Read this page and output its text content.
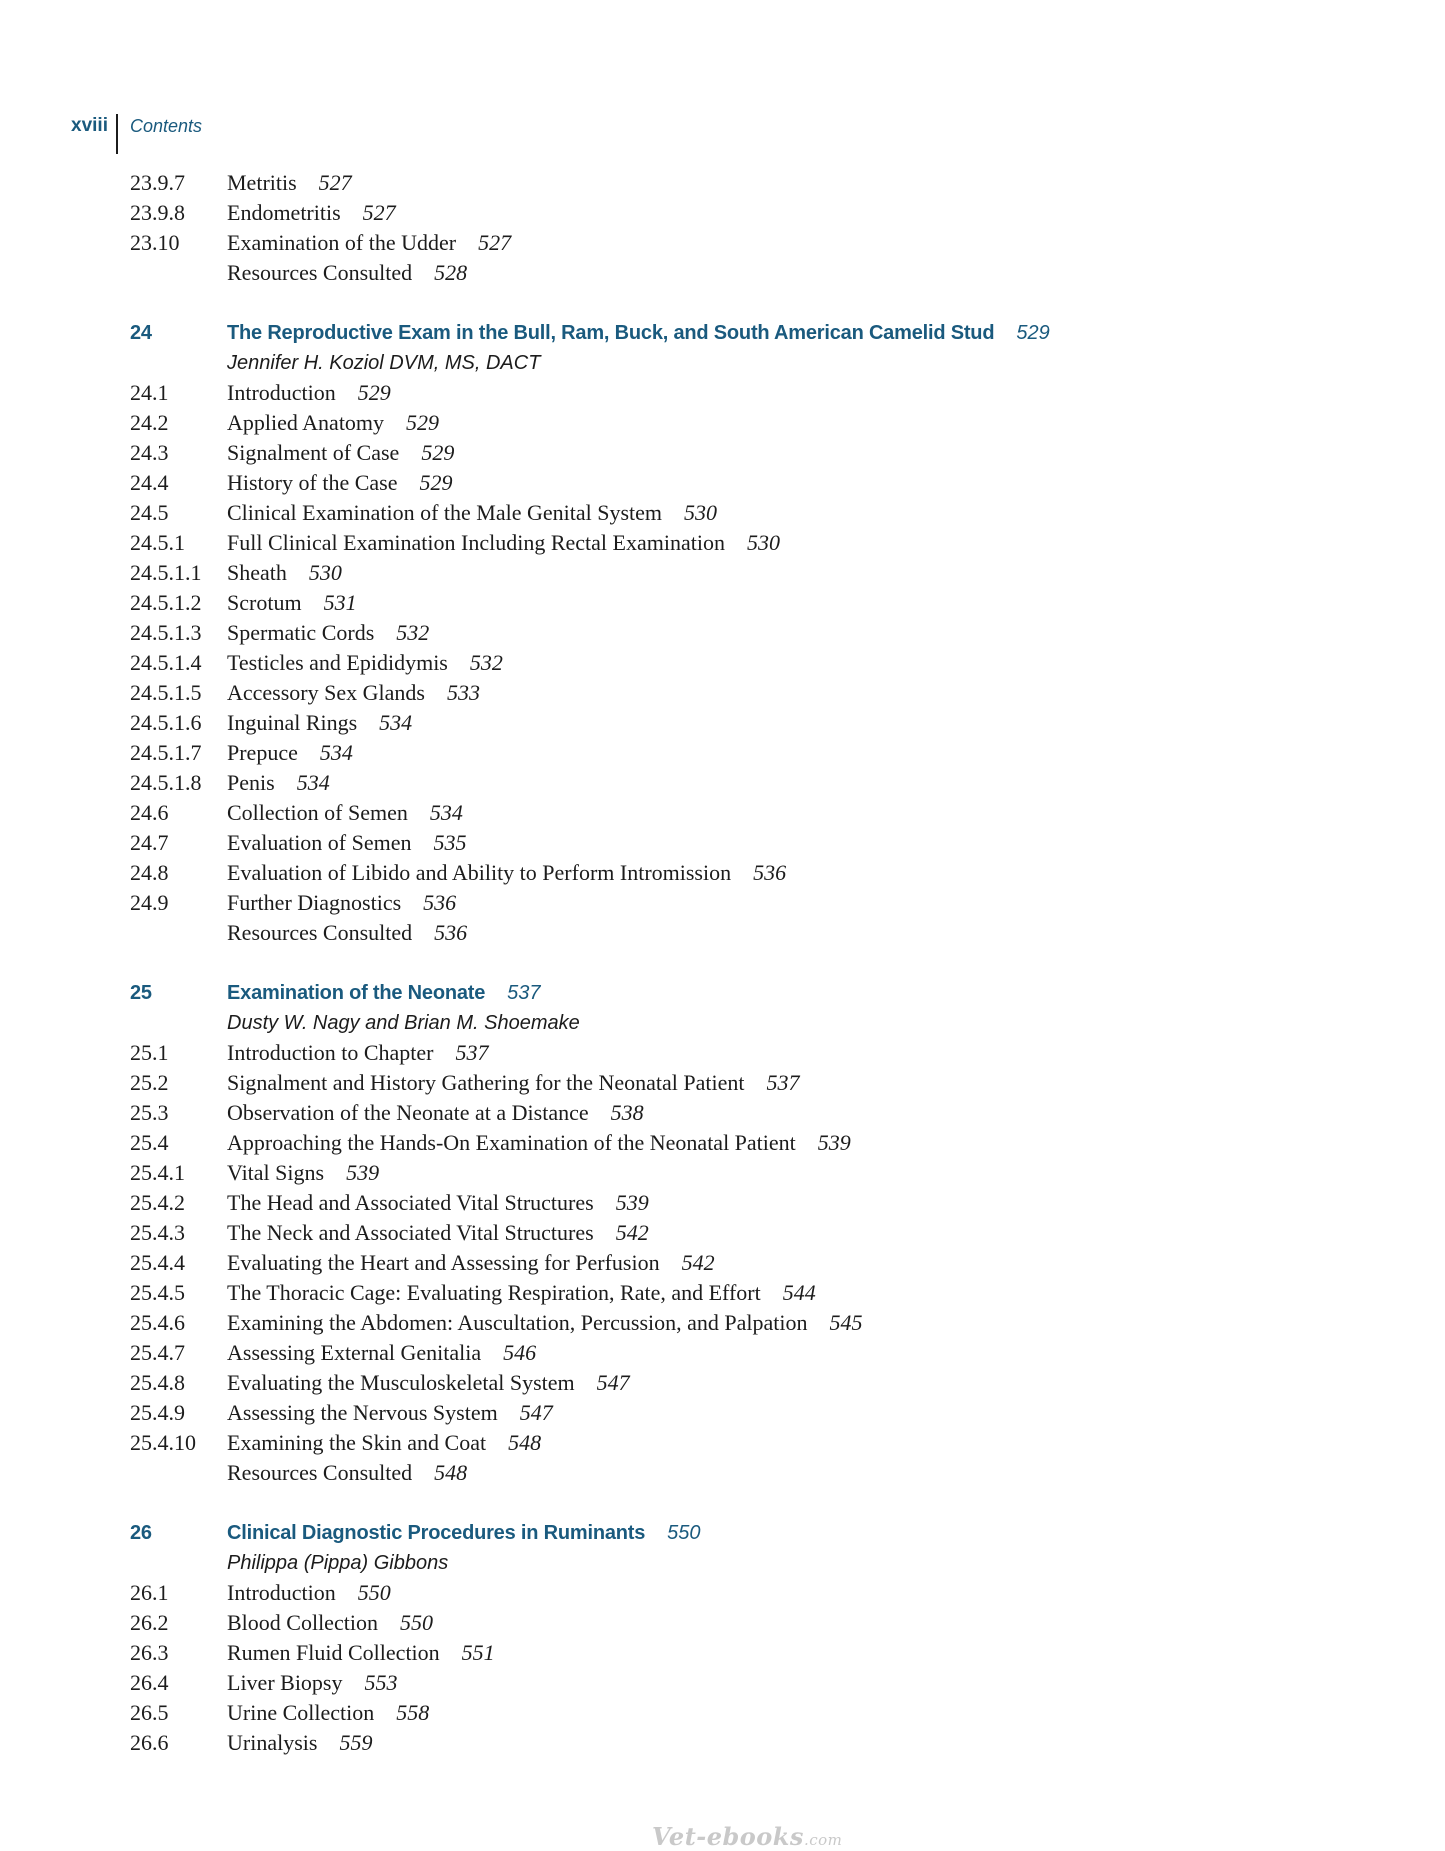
xviii	Contents
23.9.7	Metritis 527
23.9.8	Endometritis 527
23.10	Examination of the Udder 527
Resources Consulted 528
24	The Reproductive Exam in the Bull, Ram, Buck, and South American Camelid Stud 529
Jennifer H. Koziol DVM, MS, DACT
24.1	Introduction 529
24.2	Applied Anatomy 529
24.3	Signalment of Case 529
24.4	History of the Case 529
24.5	Clinical Examination of the Male Genital System 530
24.5.1	Full Clinical Examination Including Rectal Examination 530
24.5.1.1	Sheath 530
24.5.1.2	Scrotum 531
24.5.1.3	Spermatic Cords 532
24.5.1.4	Testicles and Epididymis 532
24.5.1.5	Accessory Sex Glands 533
24.5.1.6	Inguinal Rings 534
24.5.1.7	Prepuce 534
24.5.1.8	Penis 534
24.6	Collection of Semen 534
24.7	Evaluation of Semen 535
24.8	Evaluation of Libido and Ability to Perform Intromission 536
24.9	Further Diagnostics 536
Resources Consulted 536
25	Examination of the Neonate 537
Dusty W. Nagy and Brian M. Shoemake
25.1	Introduction to Chapter 537
25.2	Signalment and History Gathering for the Neonatal Patient 537
25.3	Observation of the Neonate at a Distance 538
25.4	Approaching the Hands-On Examination of the Neonatal Patient 539
25.4.1	Vital Signs 539
25.4.2	The Head and Associated Vital Structures 539
25.4.3	The Neck and Associated Vital Structures 542
25.4.4	Evaluating the Heart and Assessing for Perfusion 542
25.4.5	The Thoracic Cage: Evaluating Respiration, Rate, and Effort 544
25.4.6	Examining the Abdomen: Auscultation, Percussion, and Palpation 545
25.4.7	Assessing External Genitalia 546
25.4.8	Evaluating the Musculoskeletal System 547
25.4.9	Assessing the Nervous System 547
25.4.10	Examining the Skin and Coat 548
Resources Consulted 548
26	Clinical Diagnostic Procedures in Ruminants 550
Philippa (Pippa) Gibbons
26.1	Introduction 550
26.2	Blood Collection 550
26.3	Rumen Fluid Collection 551
26.4	Liver Biopsy 553
26.5	Urine Collection 558
26.6	Urinalysis 559
Vet-ebooks.com
